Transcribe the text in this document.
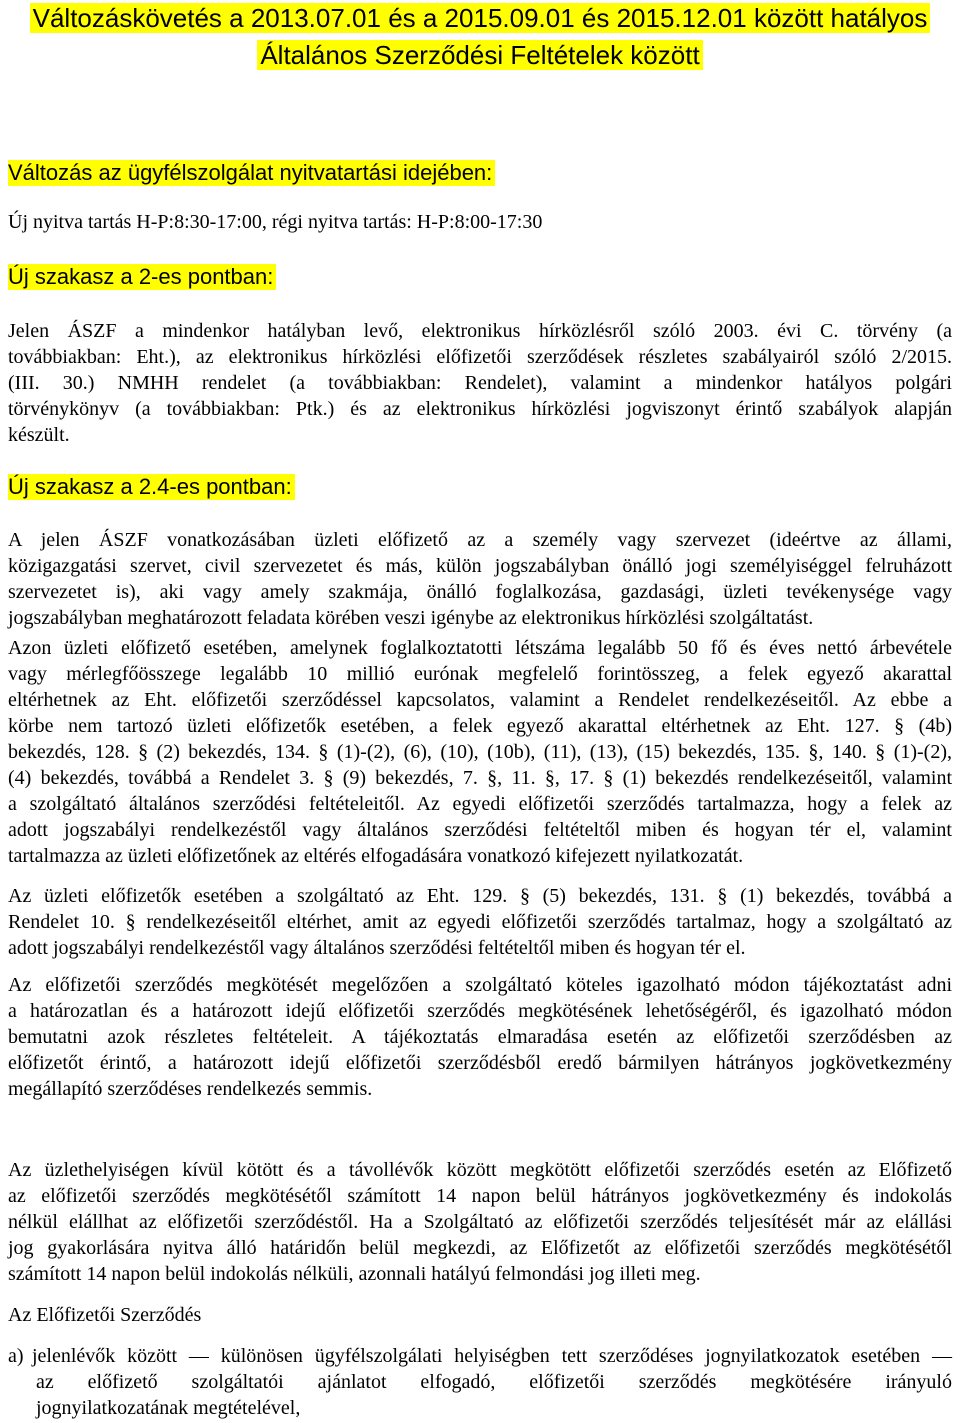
Változáskövetés a 2013.07.01 és a 2015.09.01 és 2015.12.01 között hatályos
Általános Szerződési Feltételek között
Változás az ügyfélszolgálat nyitvatartási idejében:
Új nyitva tartás H-P:8:30-17:00, régi nyitva tartás: H-P:8:00-17:30
Új szakasz a 2-es pontban:
Jelen ÁSZF a mindenkor hatályban levő, elektronikus hírközlésről szóló 2003. évi C. törvény (a
továbbiakban: Eht.), az elektronikus hírközlési előfizetői szerződések részletes szabályairól szóló 2/2015.
(III. 30.) NMHH rendelet (a továbbiakban: Rendelet), valamint a mindenkor hatályos polgári
törvénykönyv (a továbbiakban: Ptk.) és az elektronikus hírközlési jogviszonyt érintő szabályok alapján
készült.
Új szakasz a 2.4-es pontban:
A jelen ÁSZF vonatkozásában üzleti előfizető az a személy vagy szervezet (ideértve az állami,
közigazgatási szervet, civil szervezetet és más, külön jogszabályban önálló jogi személyiséggel felruházott
szervezetet is), aki vagy amely szakmája, önálló foglalkozása, gazdasági, üzleti tevékenysége vagy
jogszabályban meghatározott feladata körében veszi igénybe az elektronikus hírközlési szolgáltatást.
Azon üzleti előfizető esetében, amelynek foglalkoztatotti létszáma legalább 50 fő és éves nettó árbevétele
vagy mérlegfőösszege legalább 10 millió eurónak megfelelő forintösszeg, a felek egyező akarattal
eltérhetnek az Eht. előfizetői szerződéssel kapcsolatos, valamint a Rendelet rendelkezéseitől. Az ebbe a
körbe nem tartozó üzleti előfizetők esetében, a felek egyező akarattal eltérhetnek az Eht. 127. § (4b)
bekezdés, 128. § (2) bekezdés, 134. § (1)-(2), (6), (10), (10b), (11), (13), (15) bekezdés, 135. §, 140. § (1)-(2),
(4) bekezdés, továbbá a Rendelet 3. § (9) bekezdés, 7. §, 11. §, 17. § (1) bekezdés rendelkezéseitől, valamint
a szolgáltató általános szerződési feltételeitől. Az egyedi előfizetői szerződés tartalmazza, hogy a felek az
adott jogszabályi rendelkezéstől vagy általános szerződési feltételtől miben és hogyan tér el, valamint
tartalmazza az üzleti előfizetőnek az eltérés elfogadására vonatkozó kifejezett nyilatkozatát.
Az üzleti előfizetők esetében a szolgáltató az Eht. 129. § (5) bekezdés, 131. § (1) bekezdés, továbbá a
Rendelet 10. § rendelkezéseitől eltérhet, amit az egyedi előfizetői szerződés tartalmaz, hogy a szolgáltató az
adott jogszabályi rendelkezéstől vagy általános szerződési feltételtől miben és hogyan tér el.
Az előfizetői szerződés megkötését megelőzően a szolgáltató köteles igazolható módon tájékoztatást adni
a határozatlan és a határozott idejű előfizetői szerződés megkötésének lehetőségéről, és igazolható módon
bemutatni azok részletes feltételeit. A tájékoztatás elmaradása esetén az előfizetői szerződésben az
előfizetőt érintő, a határozott idejű előfizetői szerződésből eredő bármilyen hátrányos jogkövetkezmény
megállapító szerződéses rendelkezés semmis.
Az üzlethelyiségen kívül kötött és a távollévők között megkötött előfizetői szerződés esetén az Előfizető
az előfizetői szerződés megkötésétől számított 14 napon belül hátrányos jogkövetkezmény és indokolás
nélkül elállhat az előfizetői szerződéstől. Ha a Szolgáltató az előfizetői szerződés teljesítését már az elállási
jog gyakorlására nyitva álló határidőn belül megkezdi, az Előfizetőt az előfizetői szerződés megkötésétől
számított 14 napon belül indokolás nélküli, azonnali hatályú felmondási jog illeti meg.
Az Előfizetői Szerződés
a) jelenlévők között — különösen ügyfélszolgálati helyiségben tett szerződéses jognyilatkozatok esetében —
az előfizető szolgáltatói ajánlatot elfogadó, előfizetői szerződés megkötésére irányuló
jognyilatkozatának megtételével,
